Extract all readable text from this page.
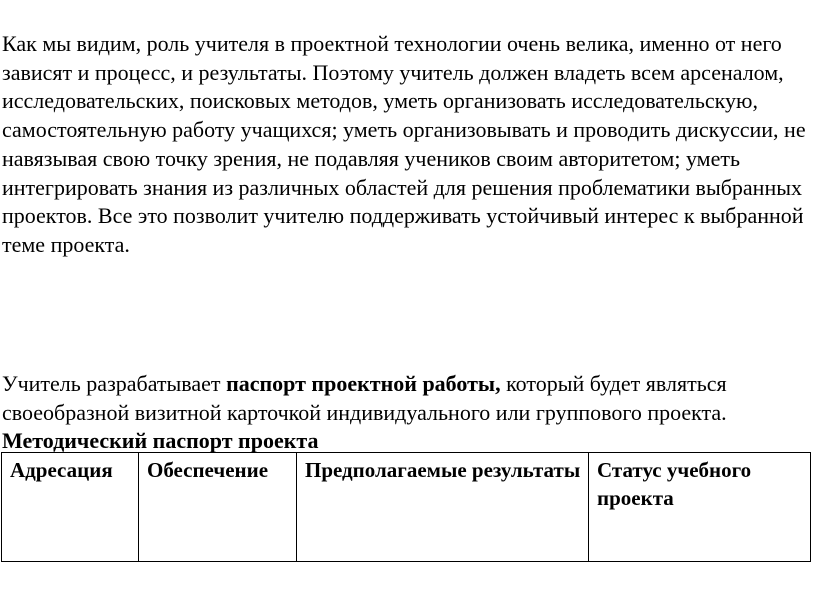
Как мы видим, роль учителя в проектной технологии очень велика, именно от него зависят и процесс, и результаты. Поэтому учитель должен владеть всем арсеналом, исследовательских, поисковых методов, уметь организовать исследовательскую, самостоятельную работу учащихся; уметь организовывать и проводить дискуссии, не навязывая свою точку зрения, не подавляя учеников своим авторитетом; уметь интегрировать знания из различных областей для решения проблематики выбранных проектов. Все это позволит учителю поддерживать устойчивый интерес к выбранной теме проекта.

Учитель разрабатывает паспорт проектной работы, который будет являться своеобразной визитной карточкой индивидуального или группового проекта.

Методический паспорт проекта

Адресация	Обеспечение	Предполагаемые результаты	Статус учебного проекта
